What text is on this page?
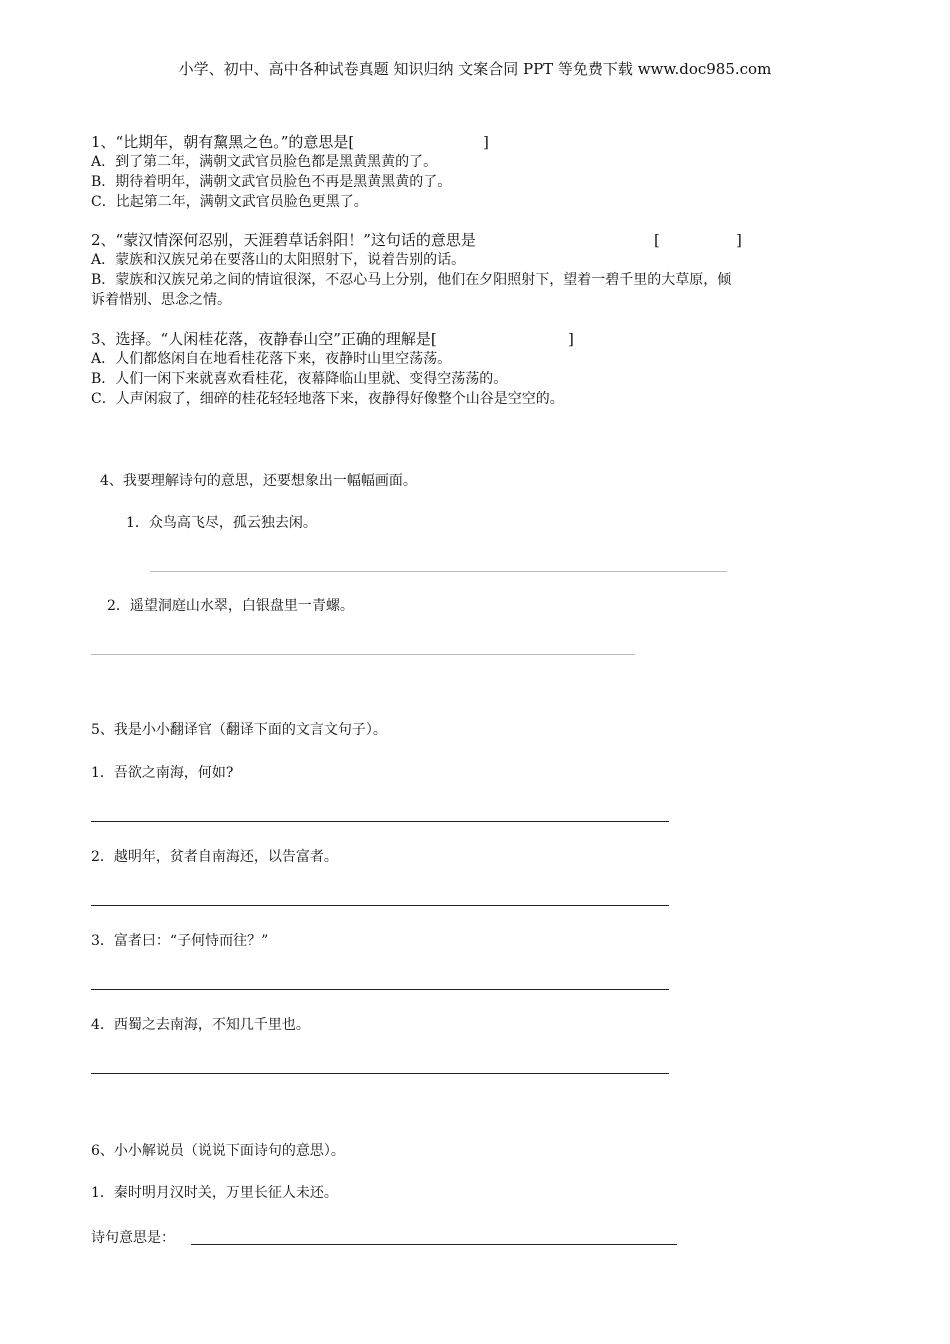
小学、初中、高中各种试卷真题 知识归纳 文案合同 PPT 等免费下载 www.doc985.com
1、“比期年，朝有黧黑之色。”的意思是[	]
A．到了第二年，满朝文武官员脸色都是黑黄黑黄的了。
B．期待着明年，满朝文武官员脸色不再是黑黄黑黄的了。
C．比起第二年，满朝文武官员脸色更黑了。
2、“蒙汉情深何忍别，天涯碧草话斜阳！”这句话的意思是	[	]
A．蒙族和汉族兄弟在要落山的太阳照射下，说着告别的话。
B．蒙族和汉族兄弟之间的情谊很深，不忍心马上分别，他们在夕阳照射下，望着一碧千里的大草原，倾
诉着惜别、思念之情。
3、选择。“人闲桂花落，夜静春山空”正确的理解是[	]
A．人们都悠闲自在地看桂花落下来，夜静时山里空荡荡。
B．人们一闲下来就喜欢看桂花，夜幕降临山里就、变得空荡荡的。
C．人声闲寂了，细碎的桂花轻轻地落下来，夜静得好像整个山谷是空空的。
4、我要理解诗句的意思，还要想象出一幅幅画面。
1．众鸟高飞尽，孤云独去闲。
2．遥望洞庭山水翠，白银盘里一青螺。
5、我是小小翻译官（翻译下面的文言文句子）。
1．吾欲之南海，何如?
2．越明年，贫者自南海还，以告富者。
3．富者曰：“子何恃而往？”
4．西蜀之去南海，不知几千里也。
6、小小解说员（说说下面诗句的意思）。
1．秦时明月汉时关，万里长征人未还。
诗句意思是：
